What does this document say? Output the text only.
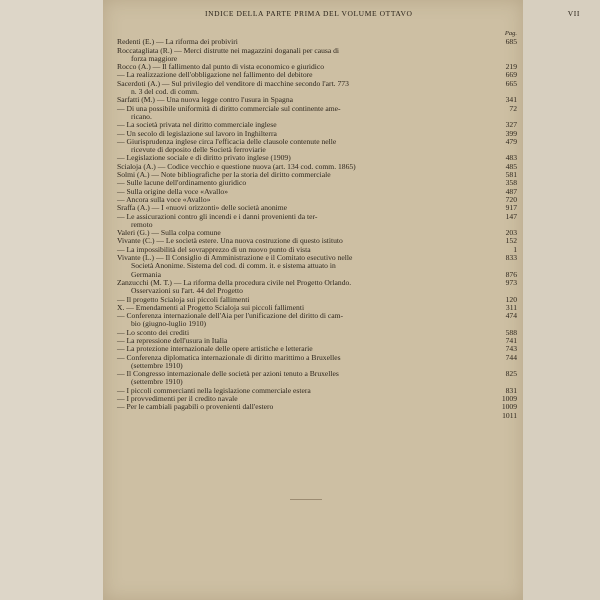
INDICE DELLA PARTE PRIMA DEL VOLUME OTTAVO	VII
Pag.
Redenti (E.) — La riforma dei probiviri	685
Roccatagliata (R.) — Merci distrutte nei magazzini doganali per causa di
forza maggiore
Rocco (A.) — Il fallimento dal punto di vista economico e giuridico	219
— La realizzazione dell'obbligazione nel fallimento del debitore	669
Sacerdoti (A.) — Sul privilegio del venditore di macchine secondo l'art. 773	665
n. 3 del cod. di comm.
Sarfatti (M.) — Una nuova legge contro l'usura in Spagna	341
— Di una possibile uniformità di diritto commerciale sul continente ame-	72
ricano.
— La società privata nel diritto commerciale inglese	327
— Un secolo di legislazione sul lavoro in Inghilterra	399
— Giurisprudenza inglese circa l'efficacia delle clausole contenute nelle	479
ricevute di deposito delle Società ferroviarie
— Legislazione sociale e di diritto privato inglese (1909)	483
Scialoja (A.) — Codice vecchio e questione nuova (art. 134 cod. comm. 1865)	485
Solmi (A.) — Note bibliografiche per la storia del diritto commerciale	581
— Sulle lacune dell'ordinamento giuridico	358
— Sulla origine della voce «Avallo»	487
— Ancora sulla voce «Avallo»	720
Sraffa (A.) — I «nuovi orizzonti» delle società anonime	917
— Le assicurazioni contro gli incendi e i danni provenienti da ter-	147
remoto
Valeri (G.) — Sulla colpa comune	203
Vivante (C.) — Le società estere. Una nuova costruzione di questo istituto	152
— La impossibilità del sovrapprezzo di un nuovo punto di vista	1
Vivante (L.) — Il Consiglio di Amministrazione e il Comitato esecutivo nelle	833
Società Anonime. Sistema del cod. di comm. it. e sistema attuato in
Germania	876
Zanzucchi (M. T.) — La riforma della procedura civile nel Progetto Orlando.	973
Osservazioni su l'art. 44 del Progetto
— Il progetto Scialoja sui piccoli fallimenti	120
X. — Emendamenti al Progetto Scialoja sui piccoli fallimenti	311
— Conferenza internazionale dell'Aia per l'unificazione del diritto di cam-	474
bio (giugno-luglio 1910)
— Lo sconto dei crediti	588
— La repressione dell'usura in Italia	741
— La protezione internazionale delle opere artistiche e letterarie	743
— Conferenza diplomatica internazionale di diritto marittimo a Bruxelles	744
(settembre 1910)
— Il Congresso internazionale delle società per azioni tenuto a Bruxelles	825
(settembre 1910)
— I piccoli commercianti nella legislazione commerciale estera	831
— I provvedimenti per il credito navale	1009
— Per le cambiali pagabili o provenienti dall'estero	1009
1011
